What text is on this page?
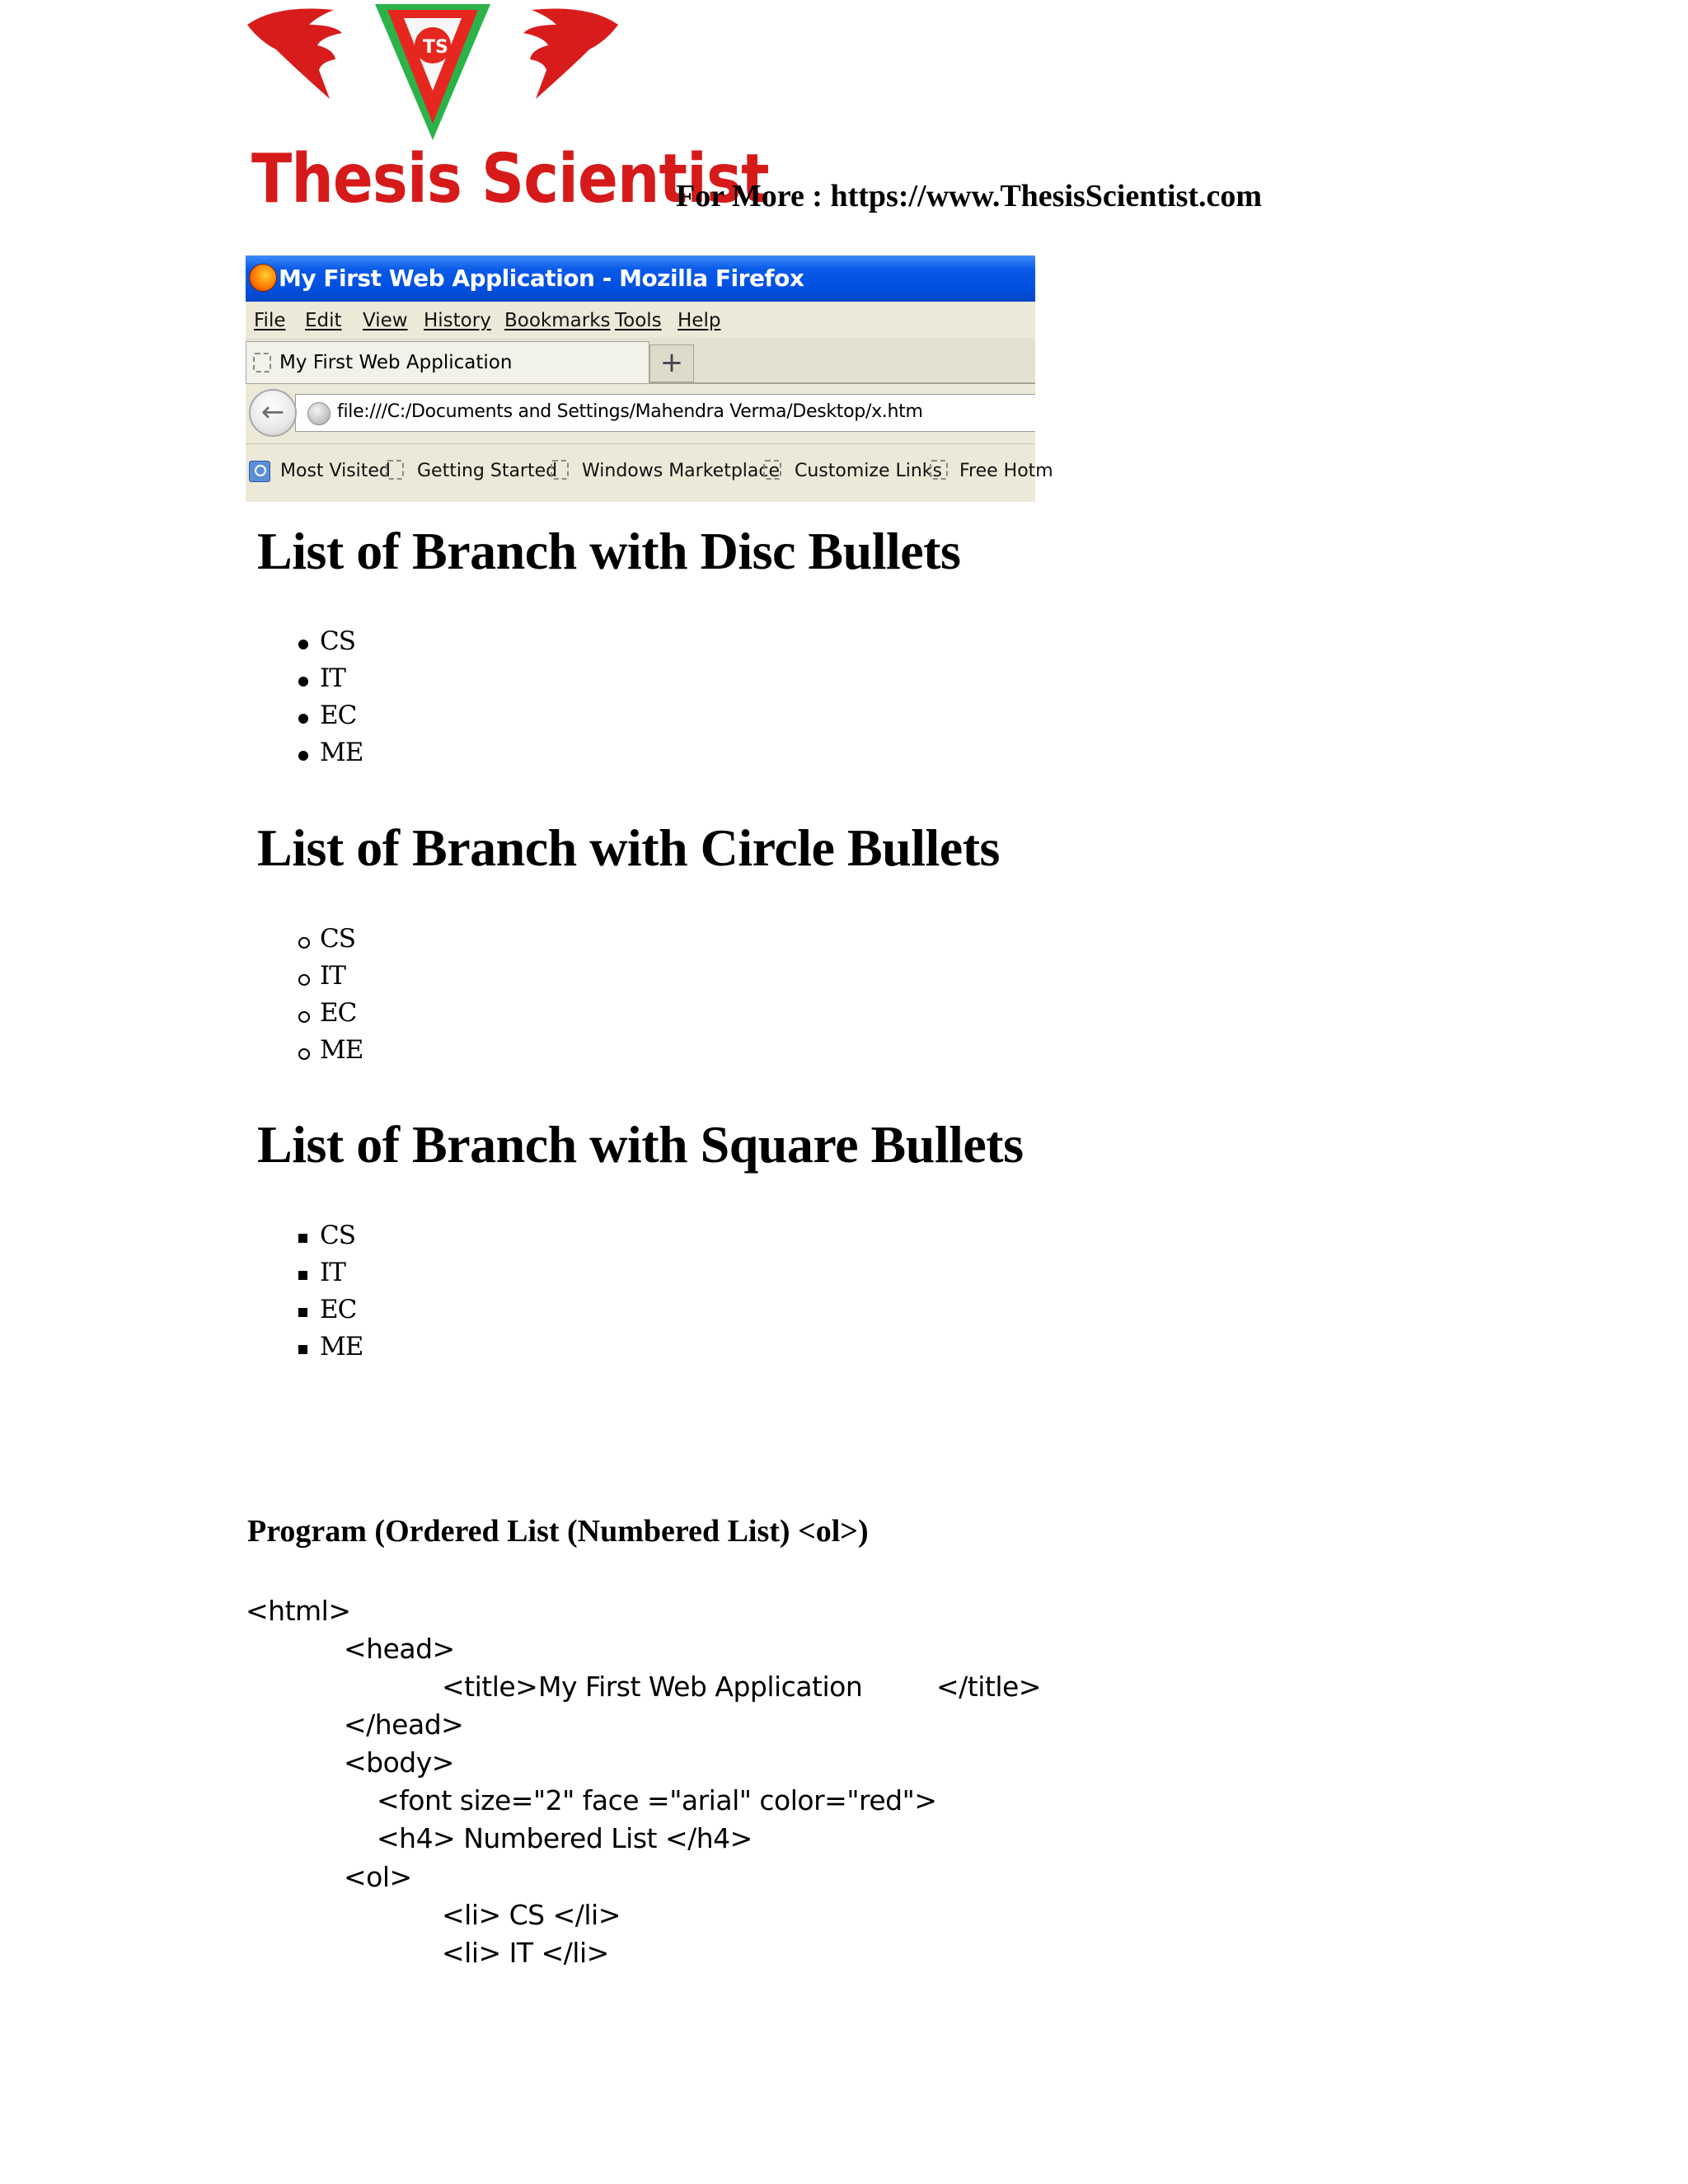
TS
Thesis Scientist
For More : https://www.ThesisScientist.com
My First Web Application - Mozilla Firefox
File Edit View History Bookmarks Tools Help
My First Web Application	+
file:///C:/Documents and Settings/Mahendra Verma/Desktop/x.htm
←
Most Visited Getting Started Windows Marketplace Customize Links Free Hotm
List of Branch with Disc Bullets
CS
IT
EC
ME
List of Branch with Circle Bullets
CS
IT
EC
ME
List of Branch with Square Bullets
CS
IT
EC
ME
Program (Ordered List (Numbered List) <ol>)
<html>
<head>
<title> My First Web Application	</title>
</head>
<body>
<font size="2" face ="arial" color="red">
<h4> Numbered List </h4>
<ol>
<li> CS </li>
<li> IT </li>
